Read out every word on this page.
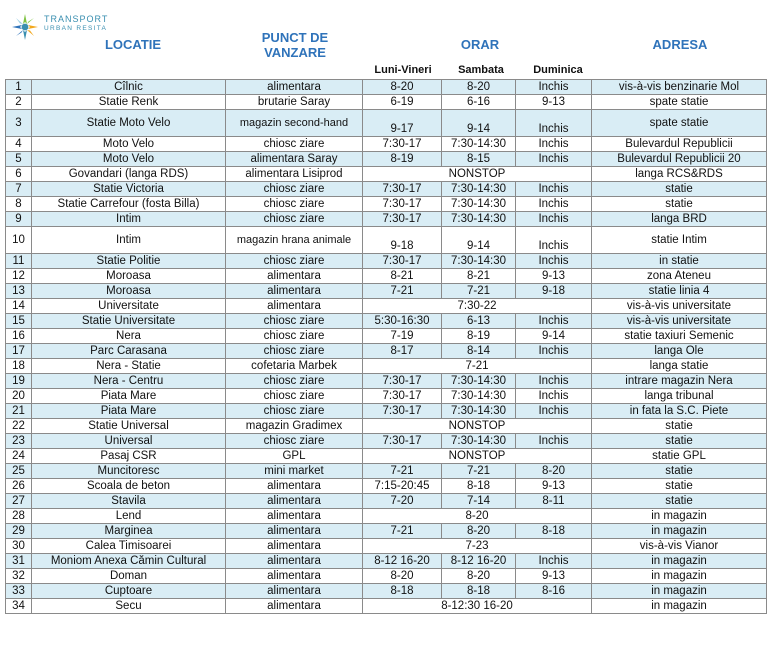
TRANSPORT
URBAN RESITA
LOCATIE	PUNCT DE VANZARE
ORAR	ADRESA
Luni-Vineri	Sambata	Duminica
1	Cîlnic	alimentara	8-20	8-20	Inchis	vis-à-vis benzinarie Mol
2	Statie Renk	brutarie Saray	6-19	6-16	9-13	spate statie
3	Statie Moto Velo	magazin second-hand	9-17	9-14	Inchis	spate statie
4	Moto Velo	chiosc ziare	7:30-17	7:30-14:30	Inchis	Bulevardul Republicii
5	Moto Velo	alimentara Saray	8-19	8-15	Inchis	Bulevardul Republicii 20
6	Govandari (langa RDS)	alimentara Lisiprod	NONSTOP			langa RCS&RDS
7	Statie Victoria	chiosc ziare	7:30-17	7:30-14:30	Inchis	statie
8	Statie Carrefour (fosta Billa)	chiosc ziare	7:30-17	7:30-14:30	Inchis	statie
9	Intim	chiosc ziare	7:30-17	7:30-14:30	Inchis	langa BRD
10	Intim	magazin hrana animale	9-18	9-14	Inchis	statie Intim
11	Statie Politie	chiosc ziare	7:30-17	7:30-14:30	Inchis	in statie
12	Moroasa	alimentara	8-21	8-21	9-13	zona Ateneu
13	Moroasa	alimentara	7-21	7-21	9-18	statie linia 4
14	Universitate	alimentara	7:30-22			vis-à-vis universitate
15	Statie Universitate	chiosc ziare	5:30-16:30	6-13	Inchis	vis-à-vis universitate
16	Nera	chiosc ziare	7-19	8-19	9-14	statie taxiuri Semenic
17	Parc Carasana	chiosc ziare	8-17	8-14	Inchis	langa Ole
18	Nera - Statie	cofetaria Marbek	7-21			langa statie
19	Nera - Centru	chiosc ziare	7:30-17	7:30-14:30	Inchis	intrare magazin Nera
20	Piata Mare	chiosc ziare	7:30-17	7:30-14:30	Inchis	langa tribunal
21	Piata Mare	chiosc ziare	7:30-17	7:30-14:30	Inchis	in fata la S.C. Piete
22	Statie Universal	magazin Gradimex	NONSTOP			statie
23	Universal	chiosc ziare	7:30-17	7:30-14:30	Inchis	statie
24	Pasaj CSR	GPL	NONSTOP			statie GPL
25	Muncitoresc	mini market	7-21	7-21	8-20	statie
26	Scoala de beton	alimentara	7:15-20:45	8-18	9-13	statie
27	Stavila	alimentara	7-20	7-14	8-11	statie
28	Lend	alimentara	8-20			in magazin
29	Marginea	alimentara	7-21	8-20	8-18	in magazin
30	Calea Timisoarei	alimentara	7-23			vis-à-vis Vianor
31	Moniom Anexa Cămin Cultural	alimentara	8-12 16-20	8-12 16-20	Inchis	in magazin
32	Doman	alimentara	8-20	8-20	9-13	in magazin
33	Cuptoare	alimentara	8-18	8-18	8-16	in magazin
34	Secu	alimentara	8-12:30 16-20			in magazin
